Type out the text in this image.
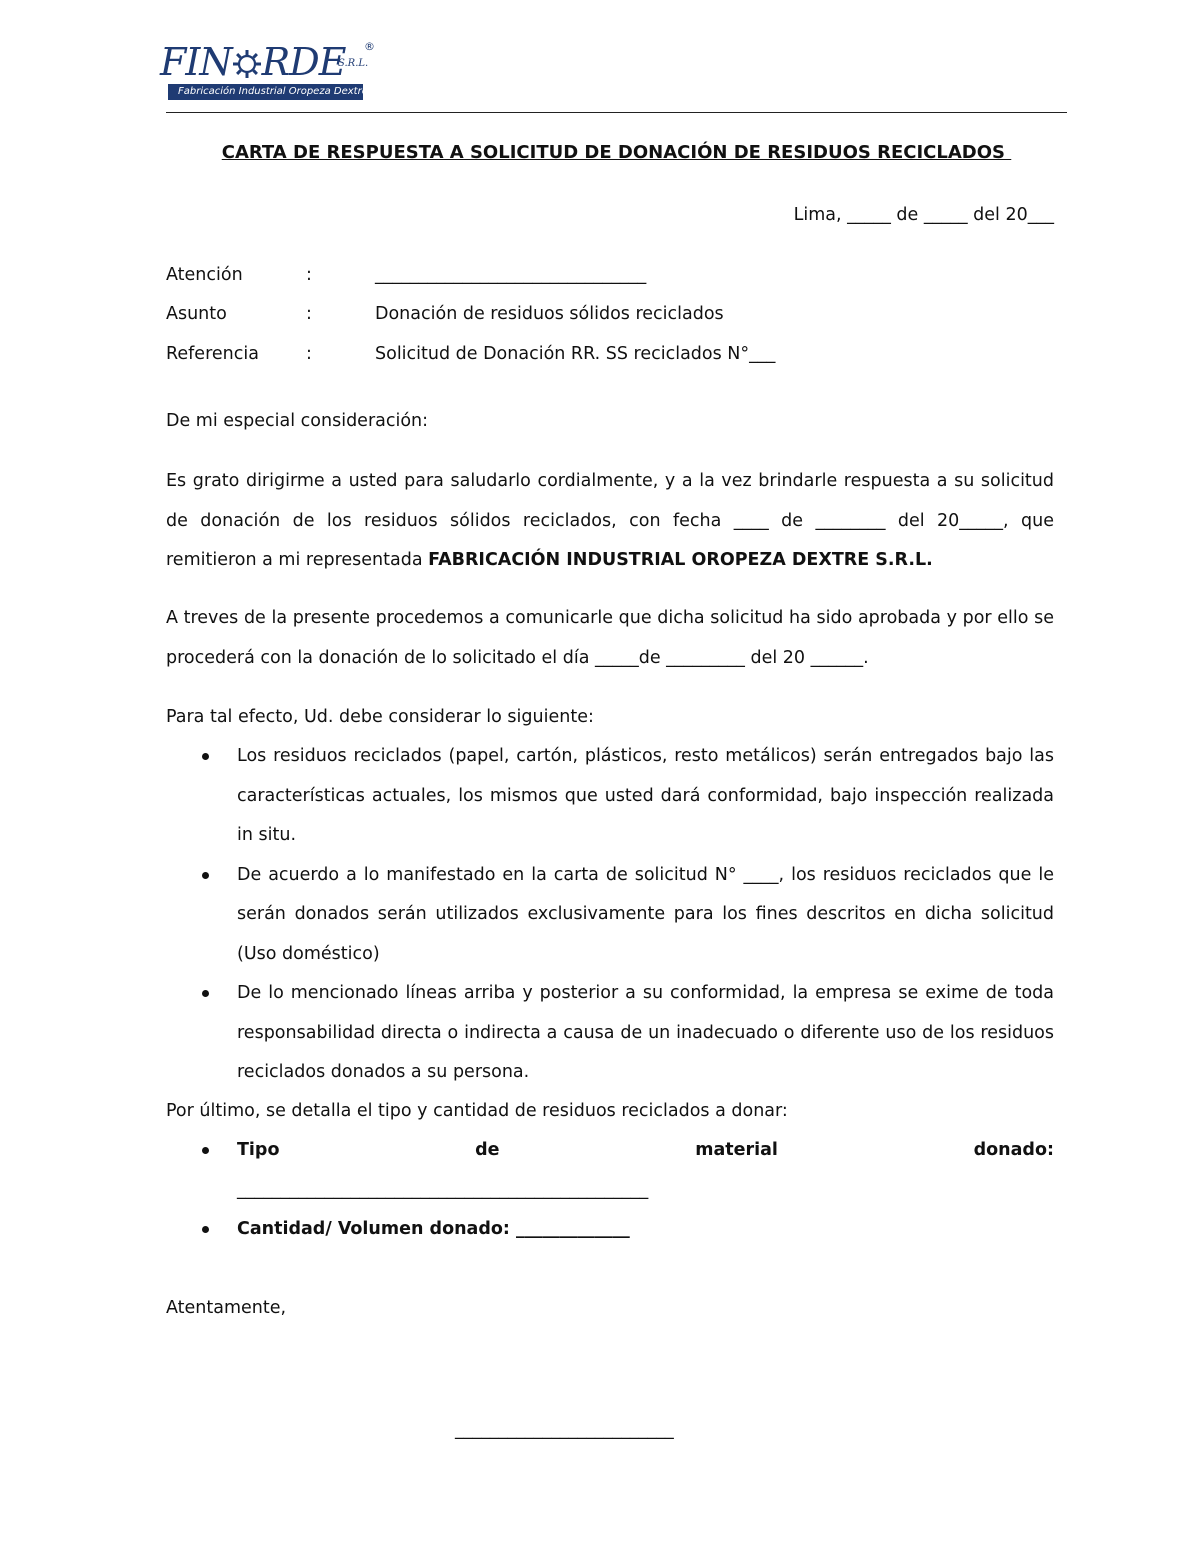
FIN RDE
S.R.L.
®
Fabricación Industrial Oropeza Dextre
CARTA DE RESPUESTA A SOLICITUD DE DONACIÓN DE RESIDUOS RECICLADOS
Lima, _____ de _____ del 20___
Atención	:	_______________________________
Asunto	:	Donación de residuos sólidos reciclados
Referencia	:	Solicitud de Donación RR. SS reciclados N°___
De mi especial consideración:
Es grato dirigirme a usted para saludarlo cordialmente, y a la vez brindarle respuesta a su solicitud de donación de los residuos sólidos reciclados, con fecha ____ de ________ del 20_____, que remitieron a mi representada FABRICACIÓN INDUSTRIAL OROPEZA DEXTRE S.R.L.
A treves de la presente procedemos a comunicarle que dicha solicitud ha sido aprobada y por ello se procederá con la donación de lo solicitado el día _____de _________ del 20 ______.
Para tal efecto, Ud. debe considerar lo siguiente:
Los residuos reciclados (papel, cartón, plásticos, resto metálicos) serán entregados bajo las características actuales, los mismos que usted dará conformidad, bajo inspección realizada in situ.
De acuerdo a lo manifestado en la carta de solicitud N° ____, los residuos reciclados que le serán donados serán utilizados exclusivamente para los fines descritos en dicha solicitud (Uso doméstico)
De lo mencionado líneas arriba y posterior a su conformidad, la empresa se exime de toda responsabilidad directa o indirecta a causa de un inadecuado o diferente uso de los residuos reciclados donados a su persona.
Por último, se detalla el tipo y cantidad de residuos reciclados a donar:
Tipo	de	material	donado:
_______________________________________________
Cantidad/ Volumen donado: _____________
Atentamente,
_________________________
